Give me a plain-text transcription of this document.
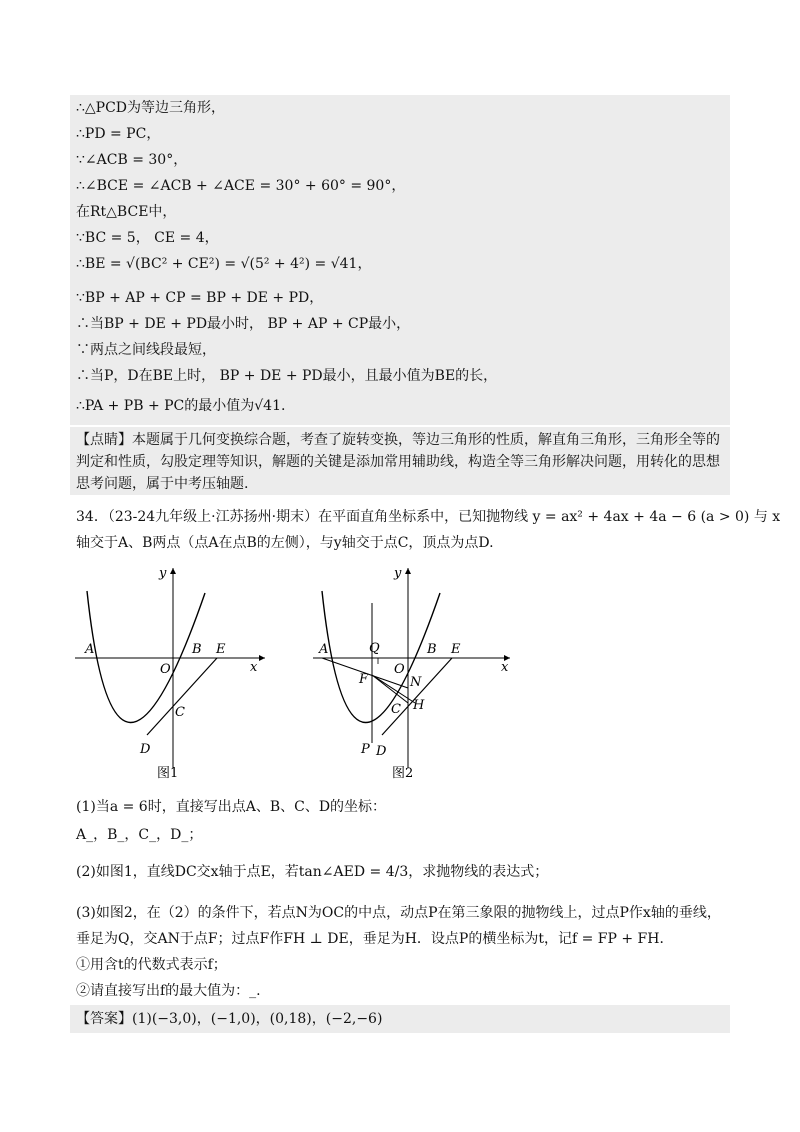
∴△PCD为等边三角形，
∴PD = PC，
∵∠ACB = 30°，
∴∠BCE = ∠ACB + ∠ACE = 30° + 60° = 90°，
在Rt△BCE中，
∵BC = 5， CE = 4，
∴BE = √(BC² + CE²) = √(5² + 4²) = √41，
∵BP + AP + CP = BP + DE + PD，
∴当BP + DE + PD最小时， BP + AP + CP最小，
∵两点之间线段最短，
∴当P，D在BE上时， BP + DE + PD最小，且最小值为BE的长，
∴PA + PB + PC的最小值为√41.
【点睛】本题属于几何变换综合题，考查了旋转变换，等边三角形的性质，解直角三角形，三角形全等的
判定和性质，勾股定理等知识，解题的关键是添加常用辅助线，构造全等三角形解决问题，用转化的思想
思考问题，属于中考压轴题.
34．（23-24九年级上·江苏扬州·期末）在平面直角坐标系中，已知抛物线 y = ax² + 4ax + 4a − 6 (a > 0) 与 x
轴交于A、B两点（点A在点B的左侧），与y轴交于点C，顶点为点D.
x
y
A
O
B E
C
D
图1
x
y
A	Q
O
B E
F	N
C H
P D
图2
(1)当a = 6时，直接写出点A、B、C、D的坐标：
A_，B_，C_，D_；
(2)如图1，直线DC交x轴于点E，若tan∠AED = 4/3，求抛物线的表达式；
(3)如图2，在（2）的条件下，若点N为OC的中点，动点P在第三象限的抛物线上，过点P作x轴的垂线，
垂足为Q，交AN于点F；过点F作FH ⊥ DE，垂足为H．设点P的横坐标为t，记f = FP + FH．
①用含t的代数式表示f；
②请直接写出f的最大值为：_.
【答案】(1)(−3,0)，(−1,0)，(0,18)，(−2,−6)
